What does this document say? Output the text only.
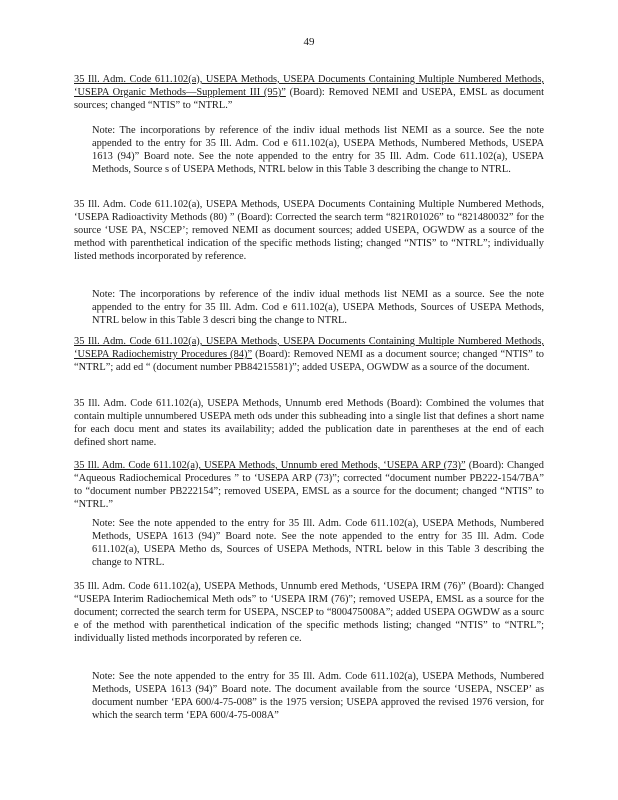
49

35 Ill. Adm. Code 611.102(a), USEPA Methods, USEPA Documents Containing Multiple Numbered Methods, ‘USEPA Organic Methods—Supplement III (95)” (Board): Removed NEMI and USEPA, EMSL as document sources; changed “NTIS” to “NTRL.”

Note: The incorporations by reference of the indiv idual methods list NEMI as a source. See the note appended to the entry for 35 Ill. Adm. Cod e 611.102(a), USEPA Methods, Numbered Methods, USEPA 1613 (94)” Board note. See the note appended to the entry for 35 Ill. Adm. Code 611.102(a), USEPA Methods, Source s of USEPA Methods, NTRL below in this Table 3 describing the change to NTRL.

35 Ill. Adm. Code 611.102(a), USEPA Methods, USEPA Documents Containing Multiple Numbered Methods, ‘USEPA Radioactivity Methods (80) ” (Board): Corrected the search term “821R01026” to “821480032” for the source ‘USE PA, NSCEP’; removed NEMI as document sources; added USEPA, OGWDW as a source of the method with parenthetical indication of the specific methods listing; changed “NTIS” to “NTRL”; individually listed methods incorporated by reference.

Note: The incorporations by reference of the indiv idual methods list NEMI as a source. See the note appended to the entry for 35 Ill. Adm. Cod e 611.102(a), USEPA Methods, Sources of USEPA Methods, NTRL below in this Table 3 descri bing the change to NTRL.

35 Ill. Adm. Code 611.102(a), USEPA Methods, USEPA Documents Containing Multiple Numbered Methods, ‘USEPA Radiochemistry Procedures (84)” (Board): Removed NEMI as a document source; changed “NTIS” to “NTRL”; add ed “ (document number PB84215581)”; added USEPA, OGWDW as a source of the document.

35 Ill. Adm. Code 611.102(a), USEPA Methods, Unnumb ered Methods (Board): Combined the volumes that contain multiple unnumbered USEPA meth ods under this subheading into a single list that defines a short name for each docu ment and states its availability; added the publication date in parentheses at the end of each defined short name.

35 Ill. Adm. Code 611.102(a), USEPA Methods, Unnumb ered Methods, ‘USEPA ARP (73)” (Board): Changed “Aqueous Radiochemical Procedures ” to ‘USEPA ARP (73)”; corrected “document number PB222-154/7BA” to “document number PB222154”; removed USEPA, EMSL as a source for the document; changed “NTIS” to “NTRL.”

Note: See the note appended to the entry for 35 Ill. Adm. Code 611.102(a), USEPA Methods, Numbered Methods, USEPA 1613 (94)” Board note. See the note appended to the entry for 35 Ill. Adm. Code 611.102(a), USEPA Metho ds, Sources of USEPA Methods, NTRL below in this Table 3 describing the change to NTRL.

35 Ill. Adm. Code 611.102(a), USEPA Methods, Unnumb ered Methods, ‘USEPA IRM (76)” (Board): Changed “USEPA Interim Radiochemical Meth ods” to ‘USEPA IRM (76)”; removed USEPA, EMSL as a source for the document; corrected the search term for USEPA, NSCEP to “800475008A”; added USEPA OGWDW as a sourc e of the method with parenthetical indication of the specific methods listing; changed “NTIS” to “NTRL”; individually listed methods incorporated by referen ce.

Note: See the note appended to the entry for 35 Ill. Adm. Code 611.102(a), USEPA Methods, Numbered Methods, USEPA 1613 (94)” Board note. The document available from the source ‘USEPA, NSCEP’ as document number ‘EPA 600/4-75-008” is the 1975 version; USEPA approved the revised 1976 version, for which the search term ‘EPA 600/4-75-008A”
